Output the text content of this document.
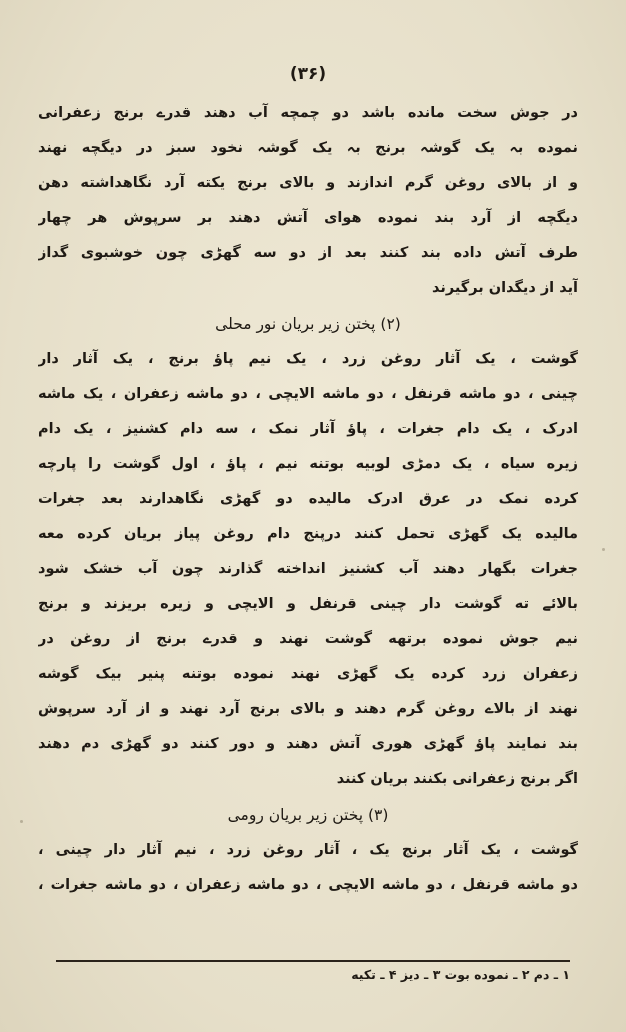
(۳۶)
در جوش سخت مانده باشد دو چمچه آب دهند قدرے برنج زعفرانی
نموده بہ یک گوشہ برنج بہ یک گوشہ نخود سبز در دیگچه نهند
و از بالای روغن گرم اندازند و بالای برنج یکته آرد نگاهداشته دهن
دیگچه از آرد بند نموده هوای آتش دهند بر سرپوش هر چهار
طرف آتش داده بند کنند بعد از دو سه گهڑی چون خوشبوی گداز
آید از دیگدان برگیرند
(۲) پختن زیر بریان نور محلی
گوشت ، یک آثار روغن زرد ، یک نیم پاؤ برنج ، یک آثار دار
چینی ، دو ماشه قرنفل ، دو ماشه الایچی ، دو ماشه زعفران ، یک ماشه
ادرک ، یک دام جغرات ، پاؤ آثار نمک ، سه دام کشنیز ، یک دام
زیره سیاه ، یک دمڑی لوبیه بوتنه نیم ، پاؤ ، اول گوشت را پارچه
کرده نمک در عرق ادرک مالیده دو گهڑی نگاهدارند بعد جغرات
مالیده یک گهڑی تحمل کنند درپنج دام روغن پیاز بریان کرده معه
جغرات بگهار دهند آب کشنیز انداخته گذارند چون آب خشک شود
بالائے ته گوشت دار چینی قرنفل و الایچی و زیره بریزند و برنج
نیم جوش نموده برتهه گوشت نهند و قدرے برنج از روغن در
زعفران زرد کرده یک گهڑی نهند نموده بوتنه پنیر بیک گوشه
نهند از بالاے روغن گرم دهند و بالای برنج آرد نهند و از آرد سرپوش
بند نمایند پاؤ گهڑی هوری آتش دهند و دور کنند دو گهڑی دم دهند
اگر برنج زعفرانی بکنند بریان کنند
(۳) پختن زیر بریان رومی
گوشت ، یک آثار برنج یک ، آثار روغن زرد ، نیم آثار دار چینی ،
دو ماشه قرنفل ، دو ماشه الایچی ، دو ماشه زعفران ، دو ماشه جغرات ،
۱ ـ دم ۲ ـ نموده بوت ۳ ـ دیز ۴ ـ تکیه
